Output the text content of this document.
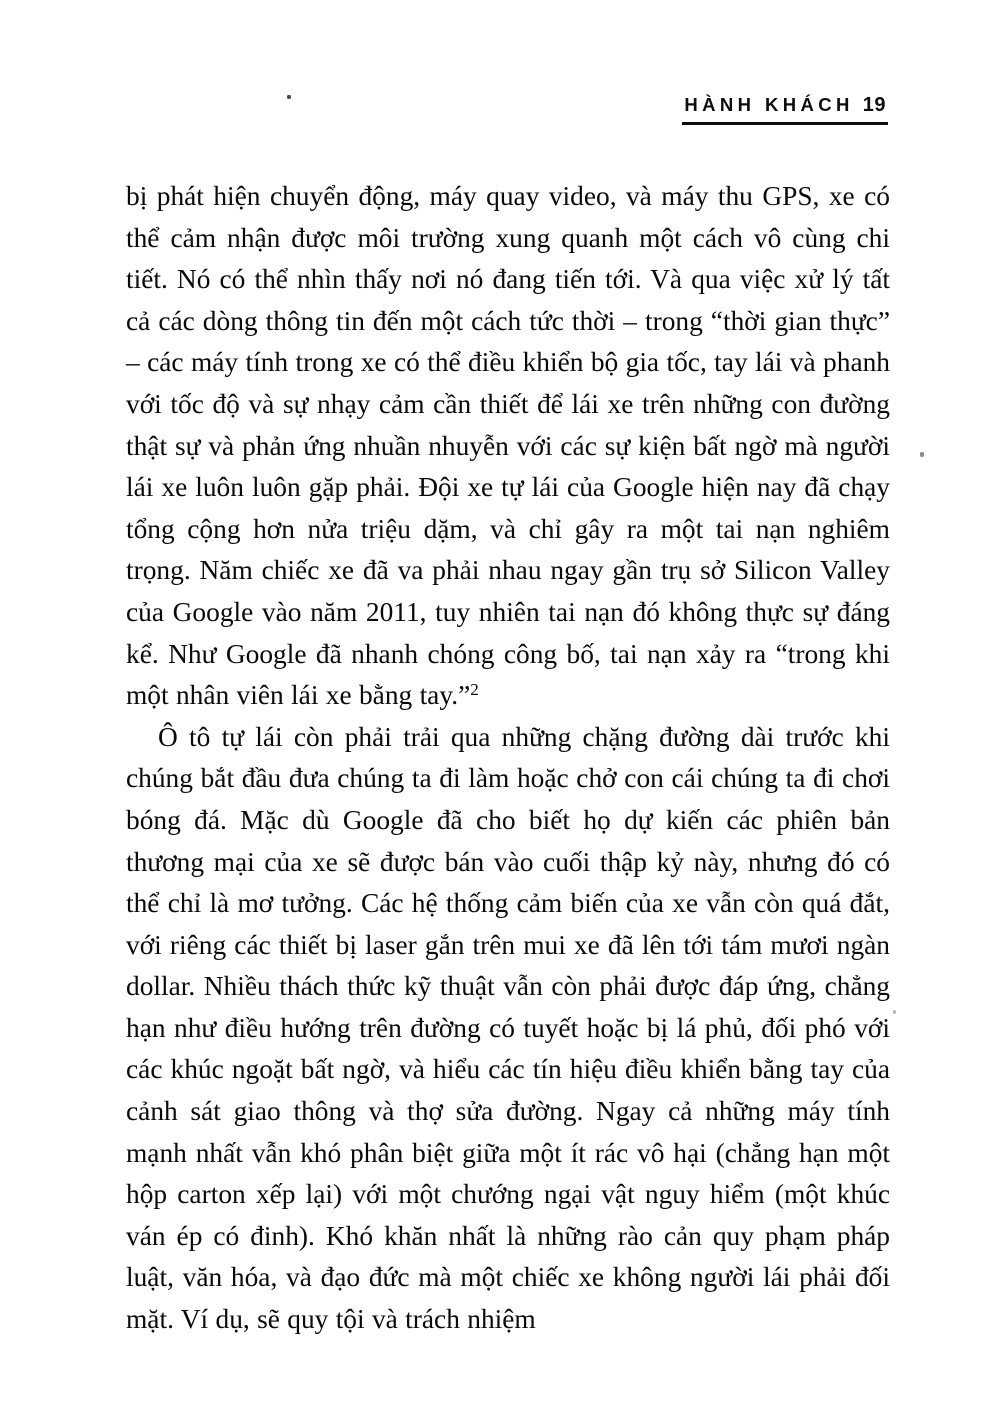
HÀNH KHÁCH 19

bị phát hiện chuyển động, máy quay video, và máy thu GPS, xe có thể cảm nhận được môi trường xung quanh một cách vô cùng chi tiết. Nó có thể nhìn thấy nơi nó đang tiến tới. Và qua việc xử lý tất cả các dòng thông tin đến một cách tức thời – trong “thời gian thực” – các máy tính trong xe có thể điều khiển bộ gia tốc, tay lái và phanh với tốc độ và sự nhạy cảm cần thiết để lái xe trên những con đường thật sự và phản ứng nhuần nhuyễn với các sự kiện bất ngờ mà người lái xe luôn luôn gặp phải. Đội xe tự lái của Google hiện nay đã chạy tổng cộng hơn nửa triệu dặm, và chỉ gây ra một tai nạn nghiêm trọng. Năm chiếc xe đã va phải nhau ngay gần trụ sở Silicon Valley của Google vào năm 2011, tuy nhiên tai nạn đó không thực sự đáng kể. Như Google đã nhanh chóng công bố, tai nạn xảy ra “trong khi một nhân viên lái xe bằng tay.”$^2$

Ô tô tự lái còn phải trải qua những chặng đường dài trước khi chúng bắt đầu đưa chúng ta đi làm hoặc chở con cái chúng ta đi chơi bóng đá. Mặc dù Google đã cho biết họ dự kiến các phiên bản thương mại của xe sẽ được bán vào cuối thập kỷ này, nhưng đó có thể chỉ là mơ tưởng. Các hệ thống cảm biến của xe vẫn còn quá đắt, với riêng các thiết bị laser gắn trên mui xe đã lên tới tám mươi ngàn dollar. Nhiều thách thức kỹ thuật vẫn còn phải được đáp ứng, chẳng hạn như điều hướng trên đường có tuyết hoặc bị lá phủ, đối phó với các khúc ngoặt bất ngờ, và hiểu các tín hiệu điều khiển bằng tay của cảnh sát giao thông và thợ sửa đường. Ngay cả những máy tính mạnh nhất vẫn khó phân biệt giữa một ít rác vô hại (chẳng hạn một hộp carton xếp lại) với một chướng ngại vật nguy hiểm (một khúc ván ép có đinh). Khó khăn nhất là những rào cản quy phạm pháp luật, văn hóa, và đạo đức mà một chiếc xe không người lái phải đối mặt. Ví dụ, sẽ quy tội và trách nhiệm
